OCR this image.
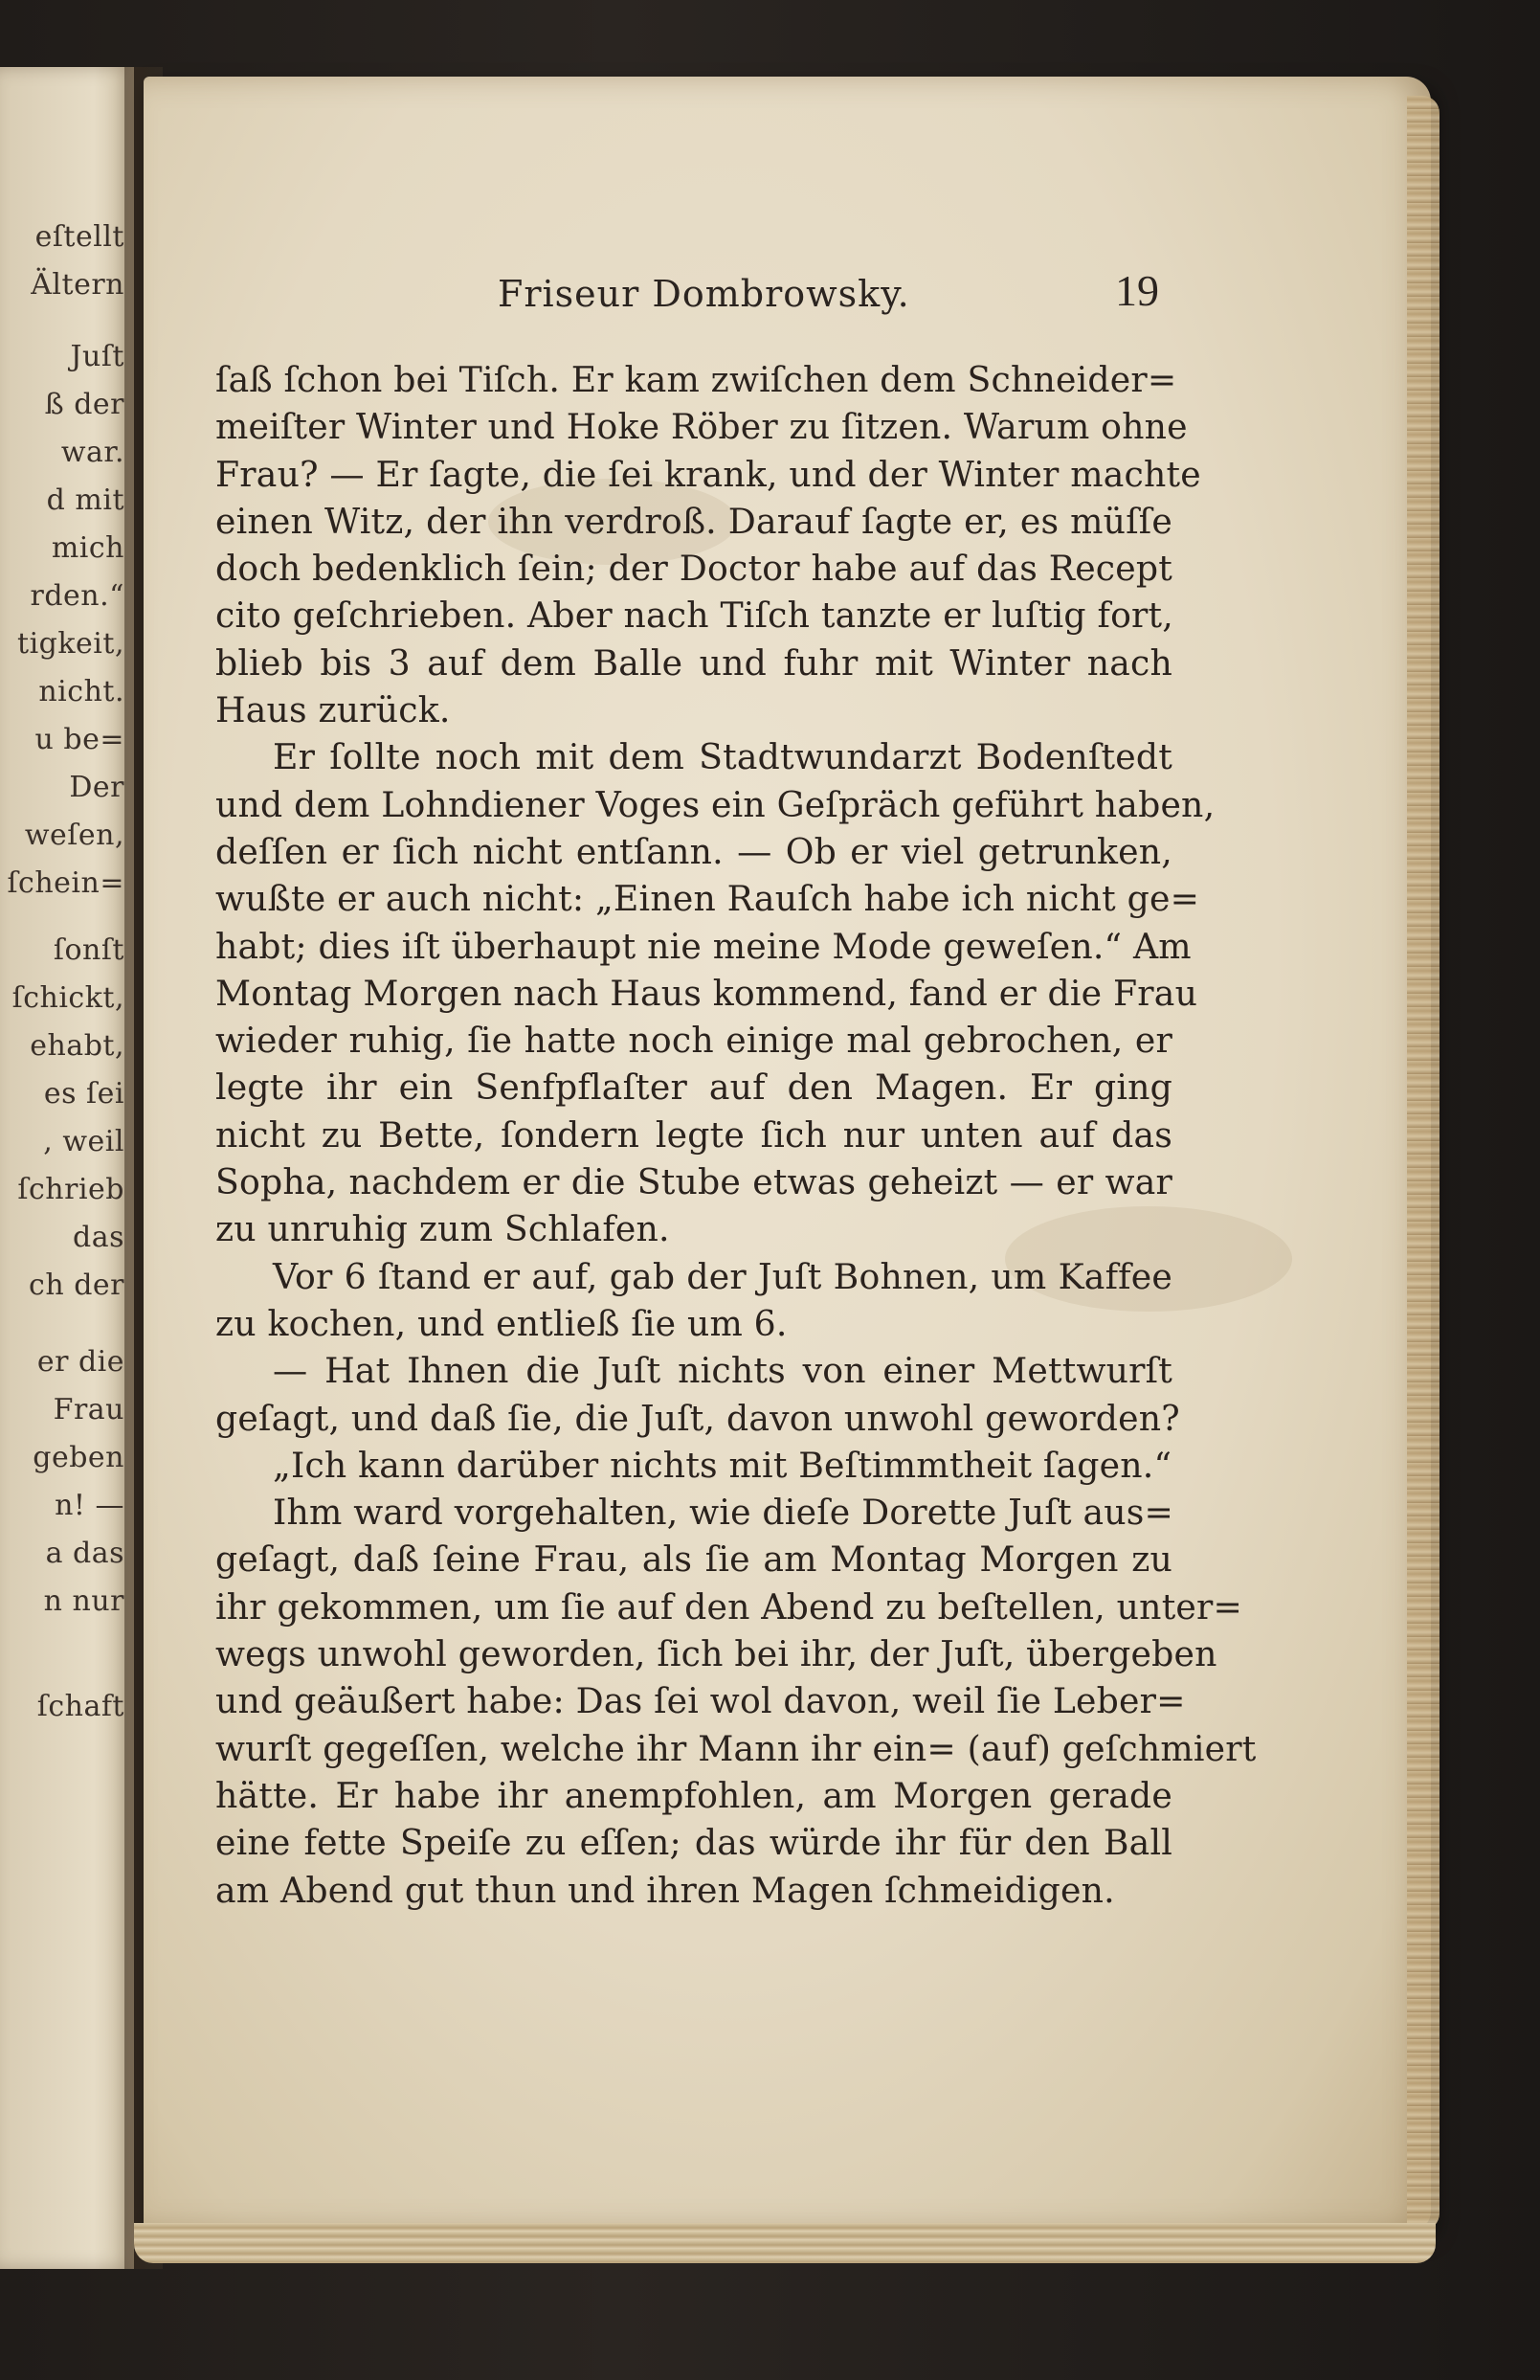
eſtellt
Ältern
Juſt
ß der
war.
d mit
mich
rden.“
tigkeit,
nicht.
u be=
Der
weſen,
ſchein=
ſonſt
ſchickt,
ehabt,
es ſei
, weil
ſchrieb
das
ch der
er die
Frau
geben
n! —
a das
n nur
ſchaft
Friseur Dombrowsky.	19
ſaß ſchon bei Tiſch. Er kam zwiſchen dem Schneider=
meiſter Winter und Hoke Röber zu ſitzen. Warum ohne
Frau? — Er ſagte, die ſei krank, und der Winter machte
einen Witz, der ihn verdroß. Darauf ſagte er, es müſſe
doch bedenklich ſein; der Doctor habe auf das Recept
cito geſchrieben. Aber nach Tiſch tanzte er luſtig fort,
blieb bis 3 auf dem Balle und fuhr mit Winter nach
Haus zurück.
Er ſollte noch mit dem Stadtwundarzt Bodenſtedt
und dem Lohndiener Voges ein Geſpräch geführt haben,
deſſen er ſich nicht entſann. — Ob er viel getrunken,
wußte er auch nicht: „Einen Rauſch habe ich nicht ge=
habt; dies iſt überhaupt nie meine Mode geweſen.“ Am
Montag Morgen nach Haus kommend, fand er die Frau
wieder ruhig, ſie hatte noch einige mal gebrochen, er
legte ihr ein Senfpflaſter auf den Magen. Er ging
nicht zu Bette, ſondern legte ſich nur unten auf das
Sopha, nachdem er die Stube etwas geheizt — er war
zu unruhig zum Schlafen.
Vor 6 ſtand er auf, gab der Juſt Bohnen, um Kaffee
zu kochen, und entließ ſie um 6.
— Hat Ihnen die Juſt nichts von einer Mettwurſt
geſagt, und daß ſie, die Juſt, davon unwohl geworden?
„Ich kann darüber nichts mit Beſtimmtheit ſagen.“
Ihm ward vorgehalten, wie dieſe Dorette Juſt aus=
geſagt, daß ſeine Frau, als ſie am Montag Morgen zu
ihr gekommen, um ſie auf den Abend zu beſtellen, unter=
wegs unwohl geworden, ſich bei ihr, der Juſt, übergeben
und geäußert habe: Das ſei wol davon, weil ſie Leber=
wurſt gegeſſen, welche ihr Mann ihr ein= (auf) geſchmiert
hätte. Er habe ihr anempfohlen, am Morgen gerade
eine fette Speiſe zu eſſen; das würde ihr für den Ball
am Abend gut thun und ihren Magen ſchmeidigen.
